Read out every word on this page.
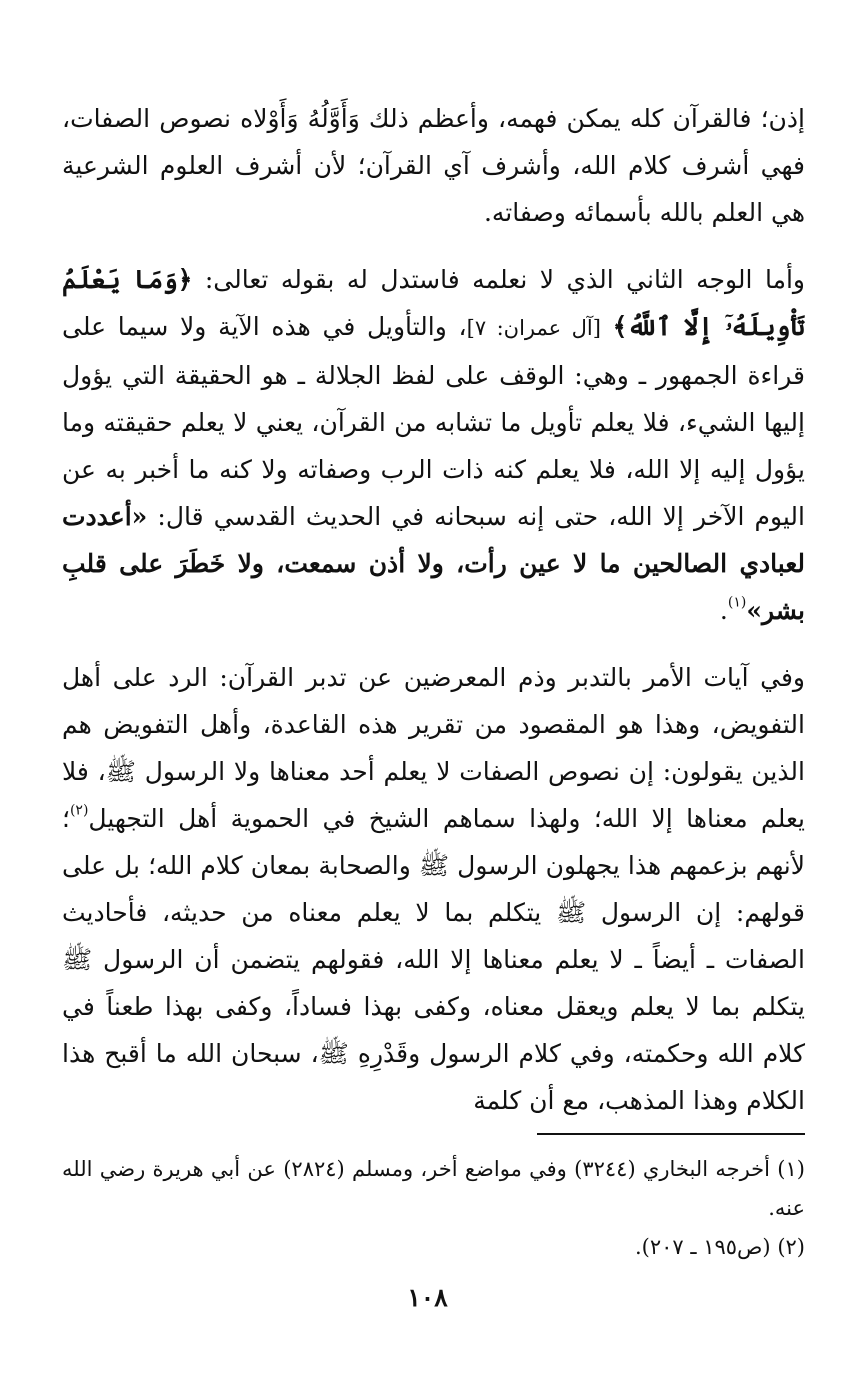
إذن؛ فالقرآن كله يمكن فهمه، وأعظم ذلك وَأَوَّلُهُ وَأَوْلاه نصوص الصفات، فهي أشرف كلام الله، وأشرف آي القرآن؛ لأن أشرف العلوم الشرعية هي العلم بالله بأسمائه وصفاته.

وأما الوجه الثاني الذي لا نعلمه فاستدل له بقوله تعالى: ﴿وَمَا يَعْلَمُ تَأْوِيلَهُۥٓ إِلَّا ٱللَّهُ﴾ [آل عمران: ٧]، والتأويل في هذه الآية ولا سيما على قراءة الجمهور ـ وهي: الوقف على لفظ الجلالة ـ هو الحقيقة التي يؤول إليها الشيء، فلا يعلم تأويل ما تشابه من القرآن، يعني لا يعلم حقيقته وما يؤول إليه إلا الله، فلا يعلم كنه ذات الرب وصفاته ولا كنه ما أخبر به عن اليوم الآخر إلا الله، حتى إنه سبحانه في الحديث القدسي قال: «أعددت لعبادي الصالحين ما لا عين رأت، ولا أذن سمعت، ولا خَطَرَ على قلبِ بشر»$^{(١)}$.

وفي آيات الأمر بالتدبر وذم المعرضين عن تدبر القرآن: الرد على أهل التفويض، وهذا هو المقصود من تقرير هذه القاعدة، وأهل التفويض هم الذين يقولون: إن نصوص الصفات لا يعلم أحد معناها ولا الرسول ﷺ، فلا يعلم معناها إلا الله؛ ولهذا سماهم الشيخ في الحموية أهل التجهيل$^{(٢)}$؛ لأنهم بزعمهم هذا يجهلون الرسول ﷺ والصحابة بمعان كلام الله؛ بل على قولهم: إن الرسول ﷺ يتكلم بما لا يعلم معناه من حديثه، فأحاديث الصفات ـ أيضاً ـ لا يعلم معناها إلا الله، فقولهم يتضمن أن الرسول ﷺ يتكلم بما لا يعلم ويعقل معناه، وكفى بهذا فساداً، وكفى بهذا طعناً في كلام الله وحكمته، وفي كلام الرسول وقَدْرِهِ ﷺ، سبحان الله ما أقبح هذا الكلام وهذا المذهب، مع أن كلمة

(١) أخرجه البخاري (٣٢٤٤) وفي مواضع أخر، ومسلم (٢٨٢٤) عن أبي هريرة رضي الله عنه.

(٢) (ص١٩٥ ـ ٢٠٧).

١٠٨
